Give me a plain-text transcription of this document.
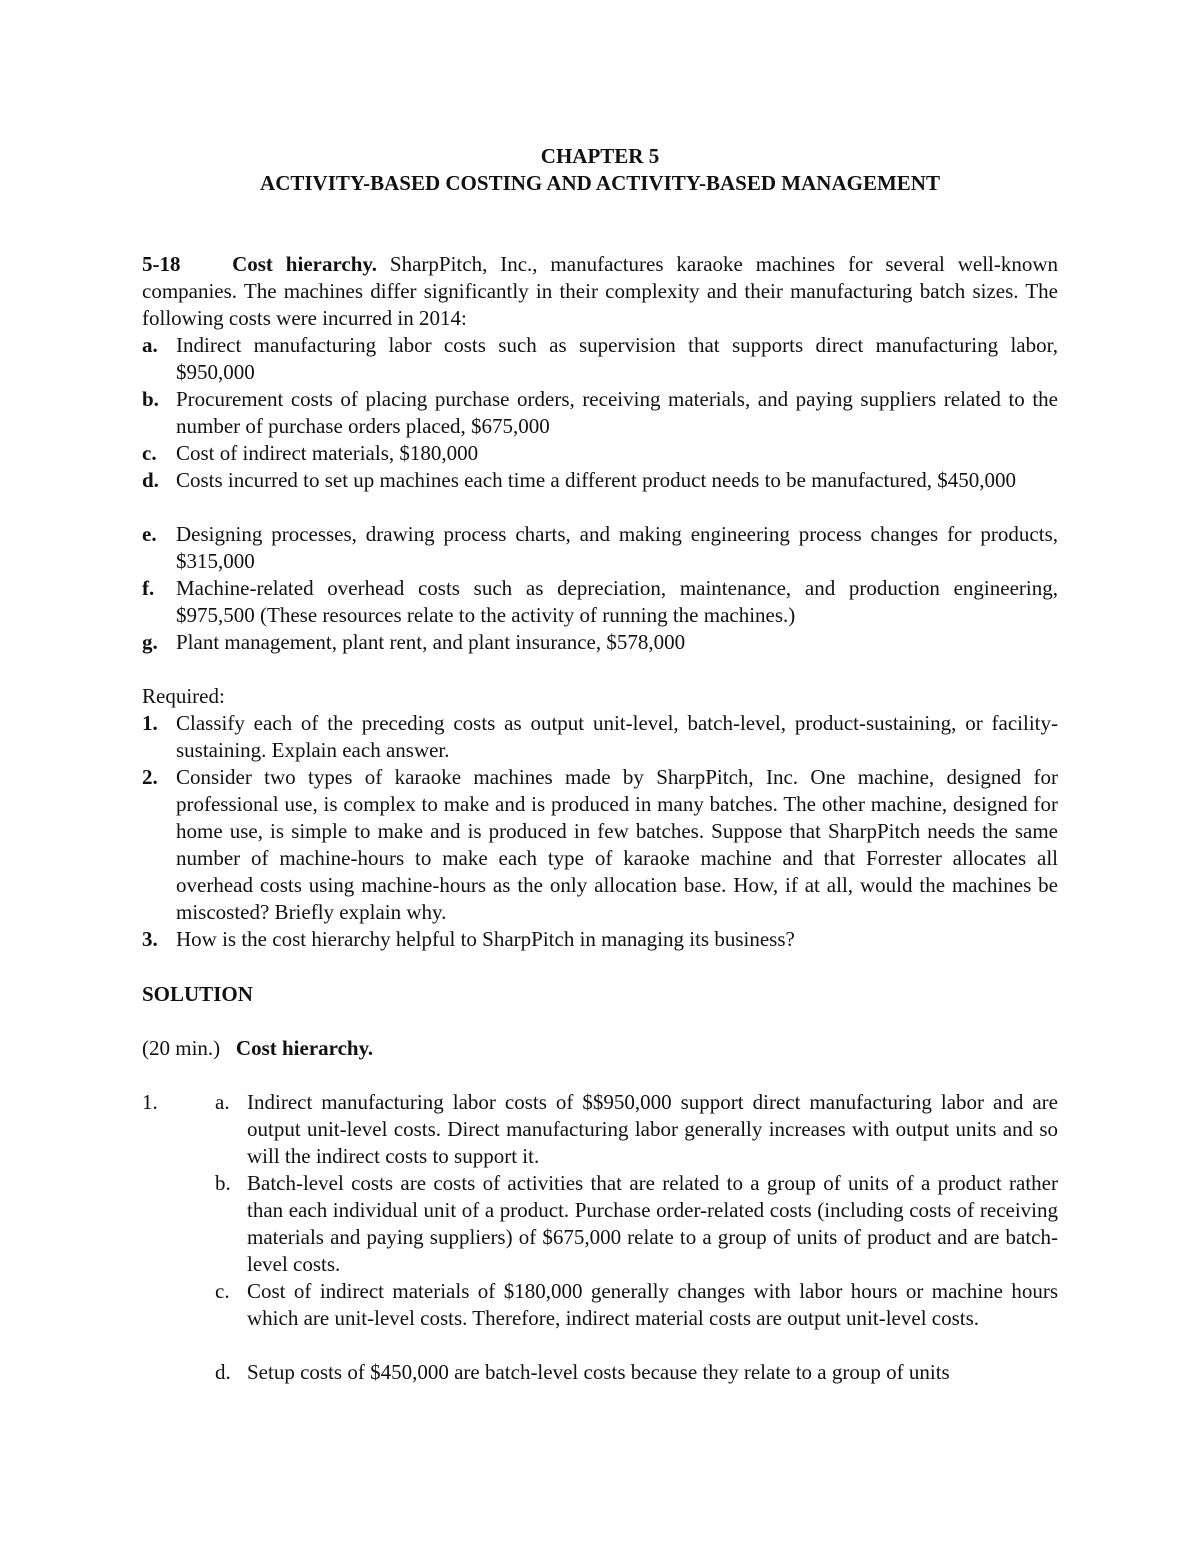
CHAPTER 5
ACTIVITY-BASED COSTING AND ACTIVITY-BASED MANAGEMENT
5-18 Cost hierarchy. SharpPitch, Inc., manufactures karaoke machines for several well-known companies. The machines differ significantly in their complexity and their manufacturing batch sizes. The following costs were incurred in 2014:
a. Indirect manufacturing labor costs such as supervision that supports direct manufacturing labor, $950,000
b. Procurement costs of placing purchase orders, receiving materials, and paying suppliers related to the number of purchase orders placed, $675,000
c. Cost of indirect materials, $180,000
d. Costs incurred to set up machines each time a different product needs to be manufactured, $450,000
e. Designing processes, drawing process charts, and making engineering process changes for products, $315,000
f. Machine-related overhead costs such as depreciation, maintenance, and production engineering, $975,500 (These resources relate to the activity of running the machines.)
g. Plant management, plant rent, and plant insurance, $578,000
Required:
1. Classify each of the preceding costs as output unit-level, batch-level, product-sustaining, or facility-sustaining. Explain each answer.
2. Consider two types of karaoke machines made by SharpPitch, Inc. One machine, designed for professional use, is complex to make and is produced in many batches. The other machine, designed for home use, is simple to make and is produced in few batches. Suppose that SharpPitch needs the same number of machine-hours to make each type of karaoke machine and that Forrester allocates all overhead costs using machine-hours as the only allocation base. How, if at all, would the machines be miscosted? Briefly explain why.
3. How is the cost hierarchy helpful to SharpPitch in managing its business?
SOLUTION
(20 min.) Cost hierarchy.
1.	a. Indirect manufacturing labor costs of $$950,000 support direct manufacturing labor and are output unit-level costs. Direct manufacturing labor generally increases with output units and so will the indirect costs to support it.
b. Batch-level costs are costs of activities that are related to a group of units of a product rather than each individual unit of a product. Purchase order-related costs (including costs of receiving materials and paying suppliers) of $675,000 relate to a group of units of product and are batch-level costs.
c. Cost of indirect materials of $180,000 generally changes with labor hours or machine hours which are unit-level costs. Therefore, indirect material costs are output unit-level costs.
d. Setup costs of $450,000 are batch-level costs because they relate to a group of units
